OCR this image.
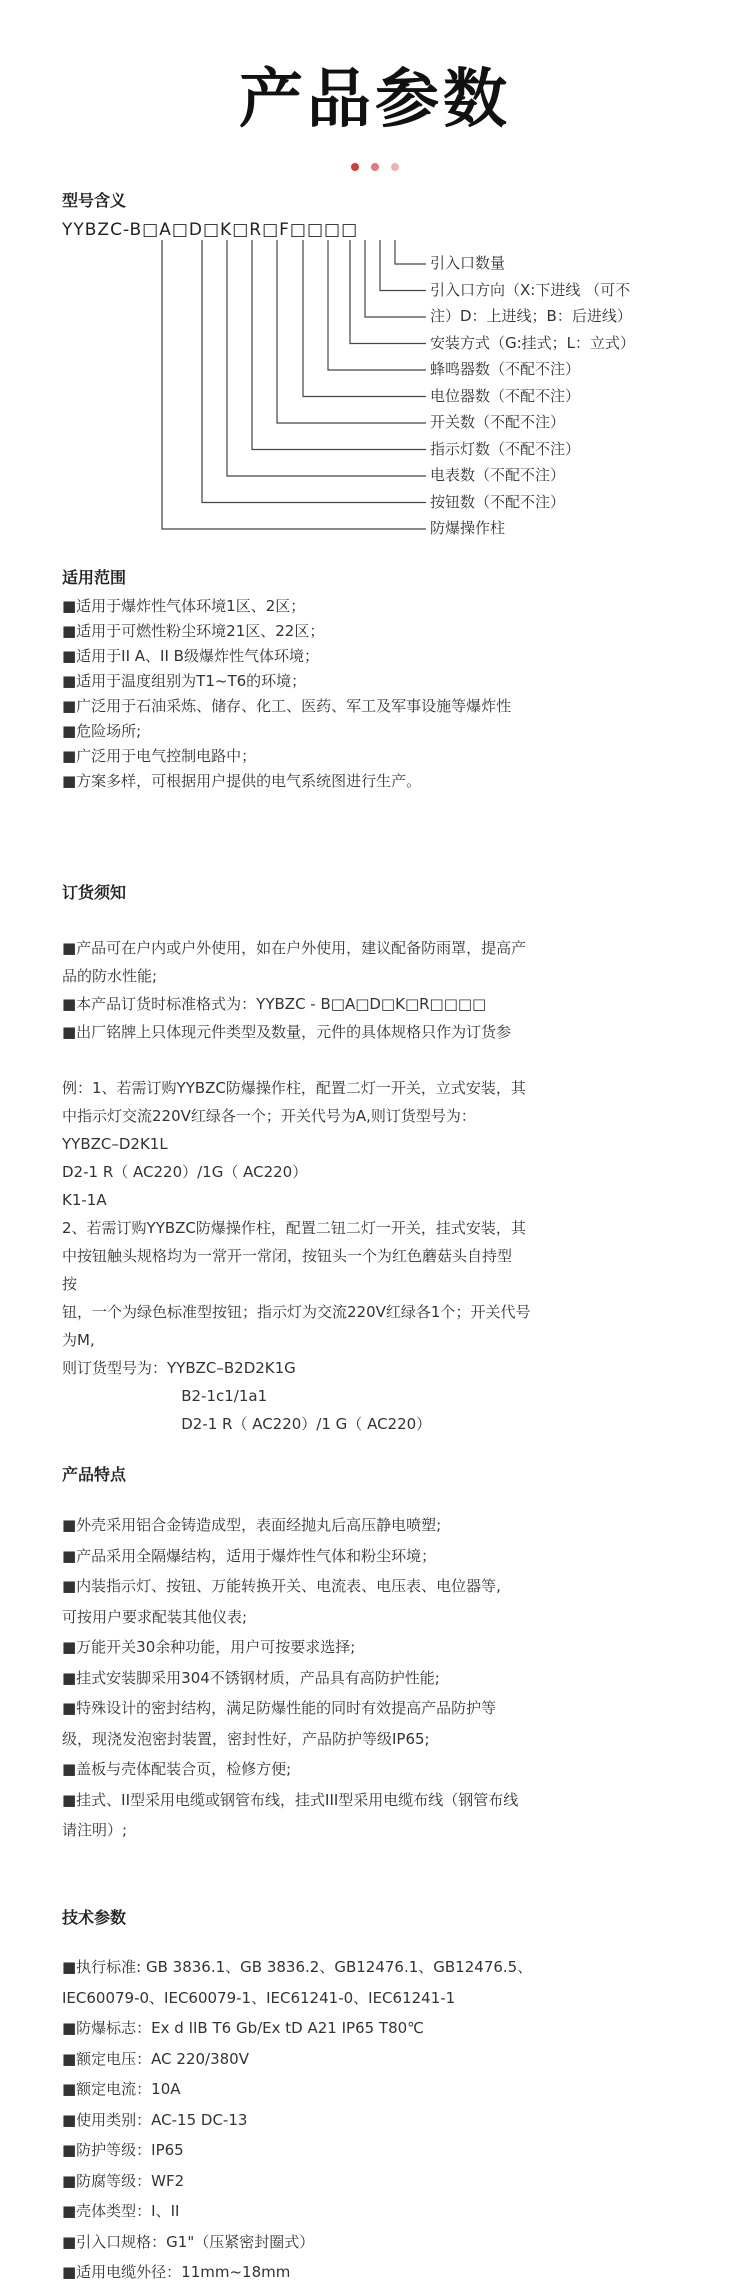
产品参数

型号含义
YYBZC-B□A□D□K□R□F□□□□
引入口数量
引入口方向（X:下进线 （可不
注）D：上进线；B：后进线）
安装方式（G:挂式；L：立式）
蜂鸣器数（不配不注）
电位器数（不配不注）
开关数（不配不注）
指示灯数（不配不注）
电表数（不配不注）
按钮数（不配不注）
防爆操作柱
适用范围
■适用于爆炸性气体环境1区、2区；
■适用于可燃性粉尘环境21区、22区；
■适用于II A、II B级爆炸性气体环境；
■适用于温度组别为T1~T6的环境；
■广泛用于石油采炼、储存、化工、医药、军工及军事设施等爆炸性
■危险场所;
■广泛用于电气控制电路中；
■方案多样，可根据用户提供的电气系统图进行生产。
订货须知
■产品可在户内或户外使用，如在户外使用，建议配备防雨罩，提高产
品的防水性能;
■本产品订货时标准格式为：YYBZC - B□A□D□K□R□□□□
■出厂铭牌上只体现元件类型及数量，元件的具体规格只作为订货参

例：1、若需订购YYBZC防爆操作柱，配置二灯一开关，立式安装，其
中指示灯交流220V红绿各一个；开关代号为A,则订货型号为：
YYBZC–D2K1L
D2-1 R（ AC220）/1G（ AC220）
K1-1A
2、若需订购YYBZC防爆操作柱，配置二钮二灯一开关，挂式安装，其
中按钮触头规格均为一常开一常闭，按钮头一个为红色蘑菇头自持型
按
钮，一个为绿色标准型按钮；指示灯为交流220V红绿各1个；开关代号
为M,
则订货型号为：YYBZC–B2D2K1G
B2-1c1/1a1
D2-1 R（ AC220）/1 G（ AC220）
产品特点
■外壳采用铝合金铸造成型，表面经抛丸后高压静电喷塑;
■产品采用全隔爆结构，适用于爆炸性气体和粉尘环境；
■内装指示灯、按钮、万能转换开关、电流表、电压表、电位器等,
可按用户要求配装其他仪表;
■万能开关30余种功能，用户可按要求选择;
■挂式安装脚采用304不锈钢材质，产品具有高防护性能;
■特殊设计的密封结构，满足防爆性能的同时有效提高产品防护等
级，现浇发泡密封装置，密封性好，产品防护等级IP65;
■盖板与壳体配装合页，检修方便;
■挂式、II型采用电缆或钢管布线，挂式III型采用电缆布线（钢管布线
请注明）;
技术参数
■执行标准: GB 3836.1、GB 3836.2、GB12476.1、GB12476.5、
IEC60079-0、IEC60079-1、IEC61241-0、IEC61241-1
■防爆标志：Ex d IIB T6 Gb/Ex tD A21 IP65 T80℃
■额定电压：AC 220/380V
■额定电流：10A
■使用类别：AC-15 DC-13
■防护等级：IP65
■防腐等级：WF2
■壳体类型：I、II
■引入口规格：G1"（压紧密封圈式）
■适用电缆外径：11mm~18mm
